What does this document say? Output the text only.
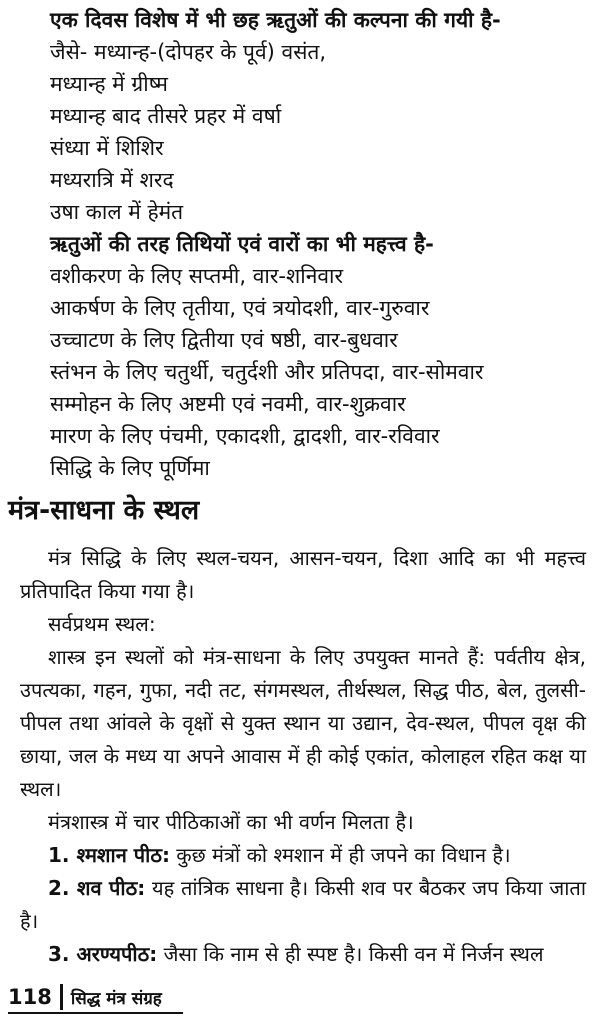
एक दिवस विशेष में भी छह ऋतुओं की कल्पना की गयी है-
जैसे- मध्यान्ह-(दोपहर के पूर्व) वसंत,
मध्यान्ह में ग्रीष्म
मध्यान्ह बाद तीसरे प्रहर में वर्षा
संध्या में शिशिर
मध्यरात्रि में शरद
उषा काल में हेमंत
ऋतुओं की तरह तिथियों एवं वारों का भी महत्त्व है-
वशीकरण के लिए सप्तमी, वार-शनिवार
आकर्षण के लिए तृतीया, एवं त्रयोदशी, वार-गुरुवार
उच्चाटण के लिए द्वितीया एवं षष्ठी, वार-बुधवार
स्तंभन के लिए चतुर्थी, चतुर्दशी और प्रतिपदा, वार-सोमवार
सम्मोहन के लिए अष्टमी एवं नवमी, वार-शुक्रवार
मारण के लिए पंचमी, एकादशी, द्वादशी, वार-रविवार
सिद्धि के लिए पूर्णिमा
मंत्र-साधना के स्थल
मंत्र सिद्धि के लिए स्थल-चयन, आसन-चयन, दिशा आदि का भी महत्त्व प्रतिपादित किया गया है।
सर्वप्रथम स्थल:
शास्त्र इन स्थलों को मंत्र-साधना के लिए उपयुक्त मानते हैं: पर्वतीय क्षेत्र, उपत्यका, गहन, गुफा, नदी तट, संगमस्थल, तीर्थस्थल, सिद्ध पीठ, बेल, तुलसी-पीपल तथा आंवले के वृक्षों से युक्त स्थान या उद्यान, देव-स्थल, पीपल वृक्ष की छाया, जल के मध्य या अपने आवास में ही कोई एकांत, कोलाहल रहित कक्ष या स्थल।
मंत्रशास्त्र में चार पीठिकाओं का भी वर्णन मिलता है।
1. श्मशान पीठ: कुछ मंत्रों को श्मशान में ही जपने का विधान है।
2. शव पीठ: यह तांत्रिक साधना है। किसी शव पर बैठकर जप किया जाता है।
3. अरण्यपीठ: जैसा कि नाम से ही स्पष्ट है। किसी वन में निर्जन स्थल
118 सिद्ध मंत्र संग्रह
